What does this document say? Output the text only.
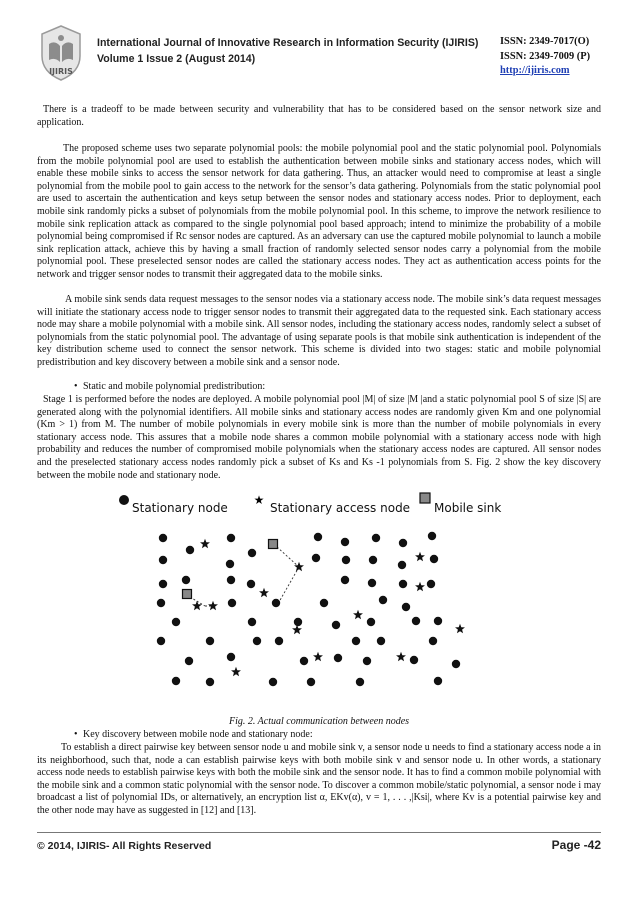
IJIRIS
International Journal of Innovative Research in Information Security (IJIRIS)
Volume 1 Issue 2 (August 2014)
ISSN: 2349-7017(O)
ISSN: 2349-7009 (P)
http://ijiris.com

There is a tradeoff to be made between security and vulnerability that has to be considered based on the sensor network size and application.

The proposed scheme uses two separate polynomial pools: the mobile polynomial pool and the static polynomial pool. Polynomials from the mobile polynomial pool are used to establish the authentication between mobile sinks and stationary access nodes, which will enable these mobile sinks to access the sensor network for data gathering. Thus, an attacker would need to compromise at least a single polynomial from the mobile pool to gain access to the network for the sensor’s data gathering. Polynomials from the static polynomial pool are used to ascertain the authentication and keys setup between the sensor nodes and stationary access nodes. Prior to deployment, each mobile sink randomly picks a subset of polynomials from the mobile polynomial pool. In this scheme, to improve the network resilience to mobile sink replication attack as compared to the single polynomial pool based approach; intend to minimize the probability of a mobile polynomial being compromised if Rc sensor nodes are captured. As an adversary can use the captured mobile polynomial to launch a mobile sink replication attack, achieve this by having a small fraction of randomly selected sensor nodes carry a polynomial from the mobile polynomial pool. These preselected sensor nodes are called the stationary access nodes. They act as authentication access points for the network and trigger sensor nodes to transmit their aggregated data to the mobile sinks.

A mobile sink sends data request messages to the sensor nodes via a stationary access node. The mobile sink’s data request messages will initiate the stationary access node to trigger sensor nodes to transmit their aggregated data to the requested sink. Each stationary access node may share a mobile polynomial with a mobile sink. All sensor nodes, including the stationary access nodes, randomly select a subset of polynomials from the static polynomial pool. The advantage of using separate pools is that mobile sink authentication is independent of the key distribution scheme used to connect the sensor network. This scheme is divided into two stages: static and mobile polynomial predistribution and key discovery between a mobile sink and a sensor node.

• Static and mobile polynomial predistribution:

Stage 1 is performed before the nodes are deployed. A mobile polynomial pool |M| of size |M |and a static polynomial pool S of size |S| are generated along with the polynomial identifiers. All mobile sinks and stationary access nodes are randomly given Km and one polynomial (Km > 1) from M. The number of mobile polynomials in every mobile sink is more than the number of mobile polynomials in every stationary access node. This assures that a mobile node shares a common mobile polynomial with a stationary access node with high probability and reduces the number of compromised mobile polynomials when the stationary access nodes are captured. All sensor nodes and the preselected stationary access nodes randomly pick a subset of Ks and Ks -1 polynomials from S. Fig. 2 show the key discovery between the mobile node and stationary node.

Stationary node
★
Stationary access node Mobile sink
Fig. 2. Actual communication between nodes
• Key discovery between mobile node and stationary node:

To establish a direct pairwise key between sensor node u and mobile sink v, a sensor node u needs to find a stationary access node a in its neighborhood, such that, node a can establish pairwise keys with both mobile sink v and sensor node u. In other words, a stationary access node needs to establish pairwise keys with both the mobile sink and the sensor node. It has to find a common mobile polynomial with the mobile sink and a common static polynomial with the sensor node. To discover a common mobile/static polynomial, a sensor node i may broadcast a list of polynomial IDs, or alternatively, an encryption list α, EKv(α), v = 1, . . . ,|Ksi|, where Kv is a potential pairwise key and the other node may have as suggested in [12] and [13].

© 2014, IJIRIS- All Rights Reserved	Page -42
